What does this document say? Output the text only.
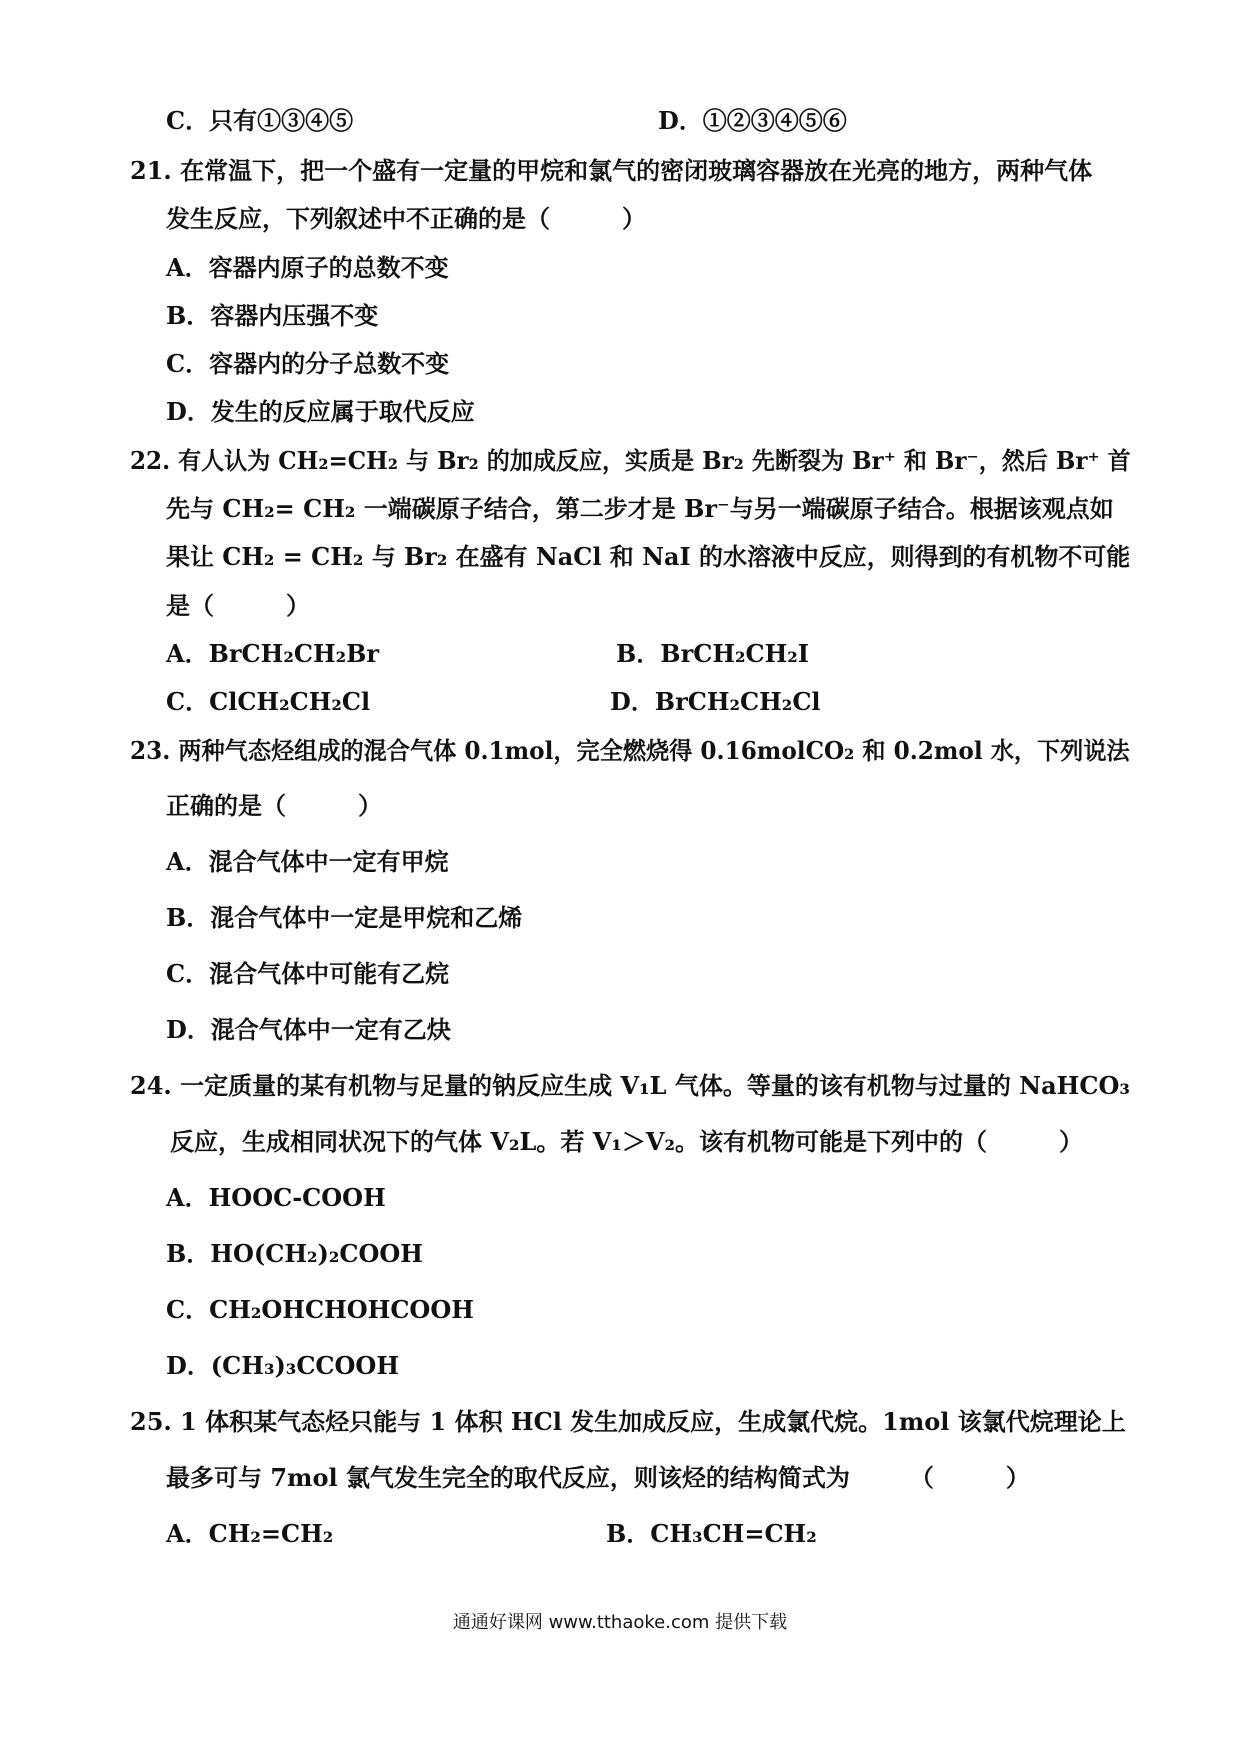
C．只有①③④⑤	D．①②③④⑤⑥
21. 在常温下，把一个盛有一定量的甲烷和氯气的密闭玻璃容器放在光亮的地方，两种气体
发生反应，下列叙述中不正确的是（　　　）
A．容器内原子的总数不变
B．容器内压强不变
C．容器内的分子总数不变
D．发生的反应属于取代反应
22. 有人认为 CH₂=CH₂ 与 Br₂ 的加成反应，实质是 Br₂ 先断裂为 Br⁺ 和 Br⁻，然后 Br⁺ 首
先与 CH₂= CH₂ 一端碳原子结合，第二步才是 Br⁻与另一端碳原子结合。根据该观点如
果让 CH₂ = CH₂ 与 Br₂ 在盛有 NaCl 和 NaI 的水溶液中反应，则得到的有机物不可能
是（　　　）
A．BrCH₂CH₂Br	B．BrCH₂CH₂I
C．ClCH₂CH₂Cl	D．BrCH₂CH₂Cl
23. 两种气态烃组成的混合气体 0.1mol，完全燃烧得 0.16molCO₂ 和 0.2mol 水，下列说法
正确的是（　　　）
A．混合气体中一定有甲烷
B．混合气体中一定是甲烷和乙烯
C．混合气体中可能有乙烷
D．混合气体中一定有乙炔
24. 一定质量的某有机物与足量的钠反应生成 V₁L 气体。等量的该有机物与过量的 NaHCO₃
反应，生成相同状况下的气体 V₂L。若 V₁＞V₂。该有机物可能是下列中的（　　　）
A．HOOC-COOH
B．HO(CH₂)₂COOH
C．CH₂OHCHOHCOOH
D．(CH₃)₃CCOOH
25. 1 体积某气态烃只能与 1 体积 HCl 发生加成反应，生成氯代烷。1mol 该氯代烷理论上
最多可与 7mol 氯气发生完全的取代反应，则该烃的结构简式为　　　（　　　）
A．CH₂=CH₂	B．CH₃CH=CH₂
通通好课网 www.tthaoke.com 提供下载
